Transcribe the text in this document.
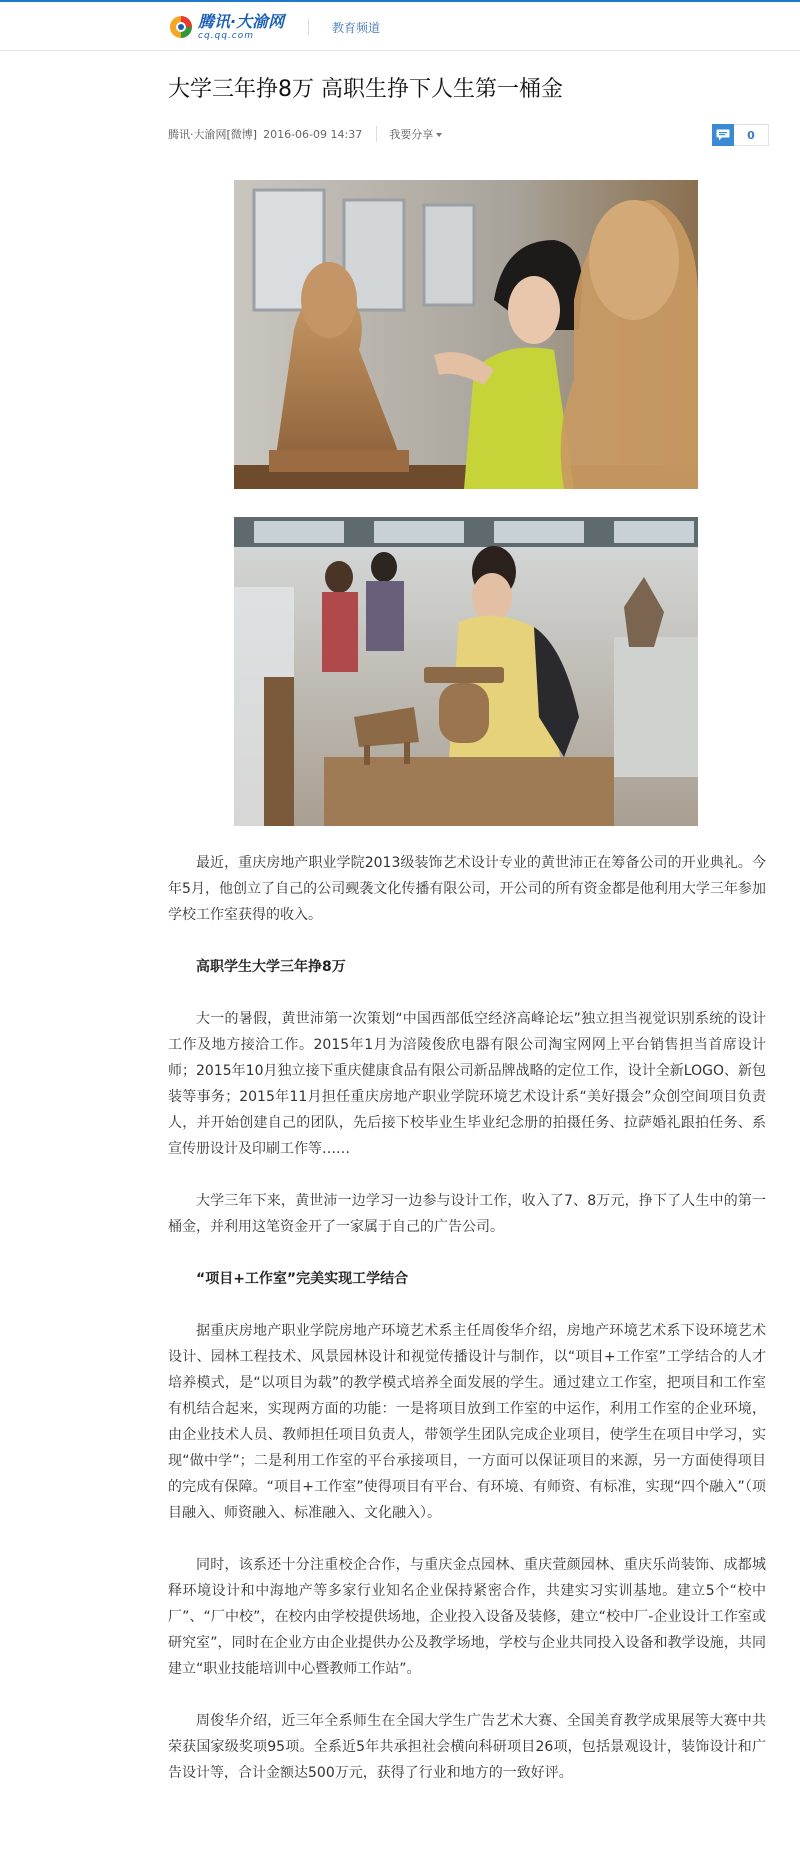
腾讯·大渝网
cq.qq.com
教育频道
大学三年挣8万 高职生挣下人生第一桶金
腾讯·大渝网 [微博] 2016-06-09 14:37	我要分享	0

最近，重庆房地产职业学院2013级装饰艺术设计专业的黄世沛正在筹备公司的开业典礼。今年5月，他创立了自己的公司觋袭文化传播有限公司，开公司的所有资金都是他利用大学三年参加学校工作室获得的收入。

高职学生大学三年挣8万

大一的暑假，黄世沛第一次策划“中国西部低空经济高峰论坛”独立担当视觉识别系统的设计工作及地方接洽工作。2015年1月为涪陵俊欣电器有限公司淘宝网网上平台销售担当首席设计师；2015年10月独立接下重庆健康食品有限公司新品牌战略的定位工作，设计全新LOGO、新包装等事务；2015年11月担任重庆房地产职业学院环境艺术设计系“美好摄会”众创空间项目负责人，并开始创建自己的团队，先后接下校毕业生毕业纪念册的拍摄任务、拉萨婚礼跟拍任务、系宣传册设计及印刷工作等……

大学三年下来，黄世沛一边学习一边参与设计工作，收入了7、8万元，挣下了人生中的第一桶金，并利用这笔资金开了一家属于自己的广告公司。

“项目+工作室”完美实现工学结合

据重庆房地产职业学院房地产环境艺术系主任周俊华介绍，房地产环境艺术系下设环境艺术设计、园林工程技术、风景园林设计和视觉传播设计与制作，以“项目+工作室”工学结合的人才培养模式，是“以项目为载”的教学模式培养全面发展的学生。通过建立工作室，把项目和工作室有机结合起来，实现两方面的功能：一是将项目放到工作室的中运作，利用工作室的企业环境，由企业技术人员、教师担任项目负责人，带领学生团队完成企业项目，使学生在项目中学习，实现“做中学”；二是利用工作室的平台承接项目，一方面可以保证项目的来源，另一方面使得项目的完成有保障。“项目+工作室”使得项目有平台、有环境、有师资、有标准，实现“四个融入”（项目融入、师资融入、标准融入、文化融入）。

同时，该系还十分注重校企合作，与重庆金点园林、重庆萱颜园林、重庆乐尚装饰、成都城释环境设计和中海地产等多家行业知名企业保持紧密合作，共建实习实训基地。建立5个“校中厂”、“厂中校”，在校内由学校提供场地，企业投入设备及装修，建立“校中厂-企业设计工作室或研究室”，同时在企业方由企业提供办公及教学场地，学校与企业共同投入设备和教学设施，共同建立“职业技能培训中心暨教师工作站”。

周俊华介绍，近三年全系师生在全国大学生广告艺术大赛、全国美育教学成果展等大赛中共荣获国家级奖项95项。全系近5年共承担社会横向科研项目26项，包括景观设计，装饰设计和广告设计等，合计金额达500万元，获得了行业和地方的一致好评。
